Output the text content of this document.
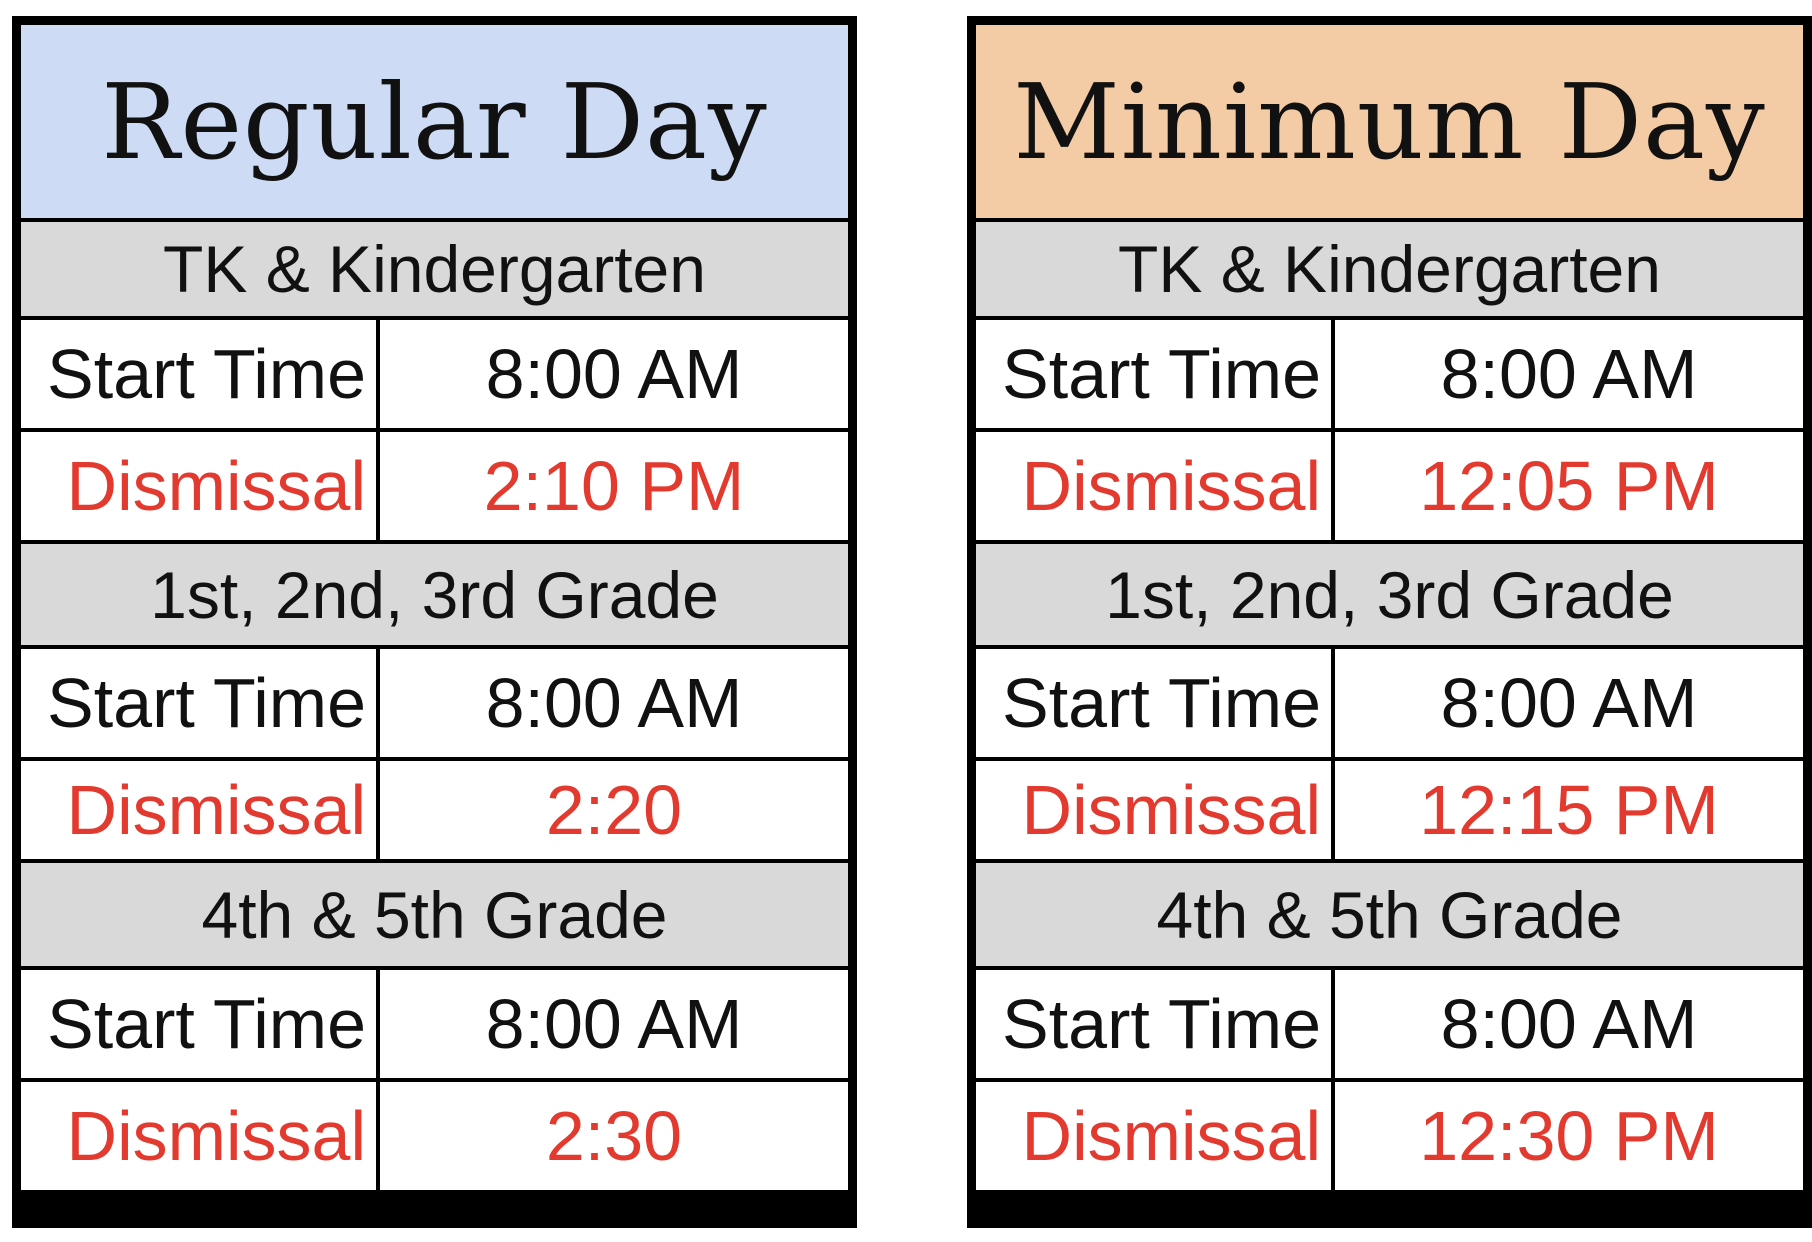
Regular Day
TK & Kindergarten
Start Time	8:00 AM
Dismissal	2:10 PM
1st, 2nd, 3rd Grade
Start Time	8:00 AM
Dismissal	2:20
4th & 5th Grade
Start Time	8:00 AM
Dismissal	2:30
Minimum Day
TK & Kindergarten
Start Time	8:00 AM
Dismissal	12:05 PM
1st, 2nd, 3rd Grade
Start Time	8:00 AM
Dismissal	12:15 PM
4th & 5th Grade
Start Time	8:00 AM
Dismissal	12:30 PM
